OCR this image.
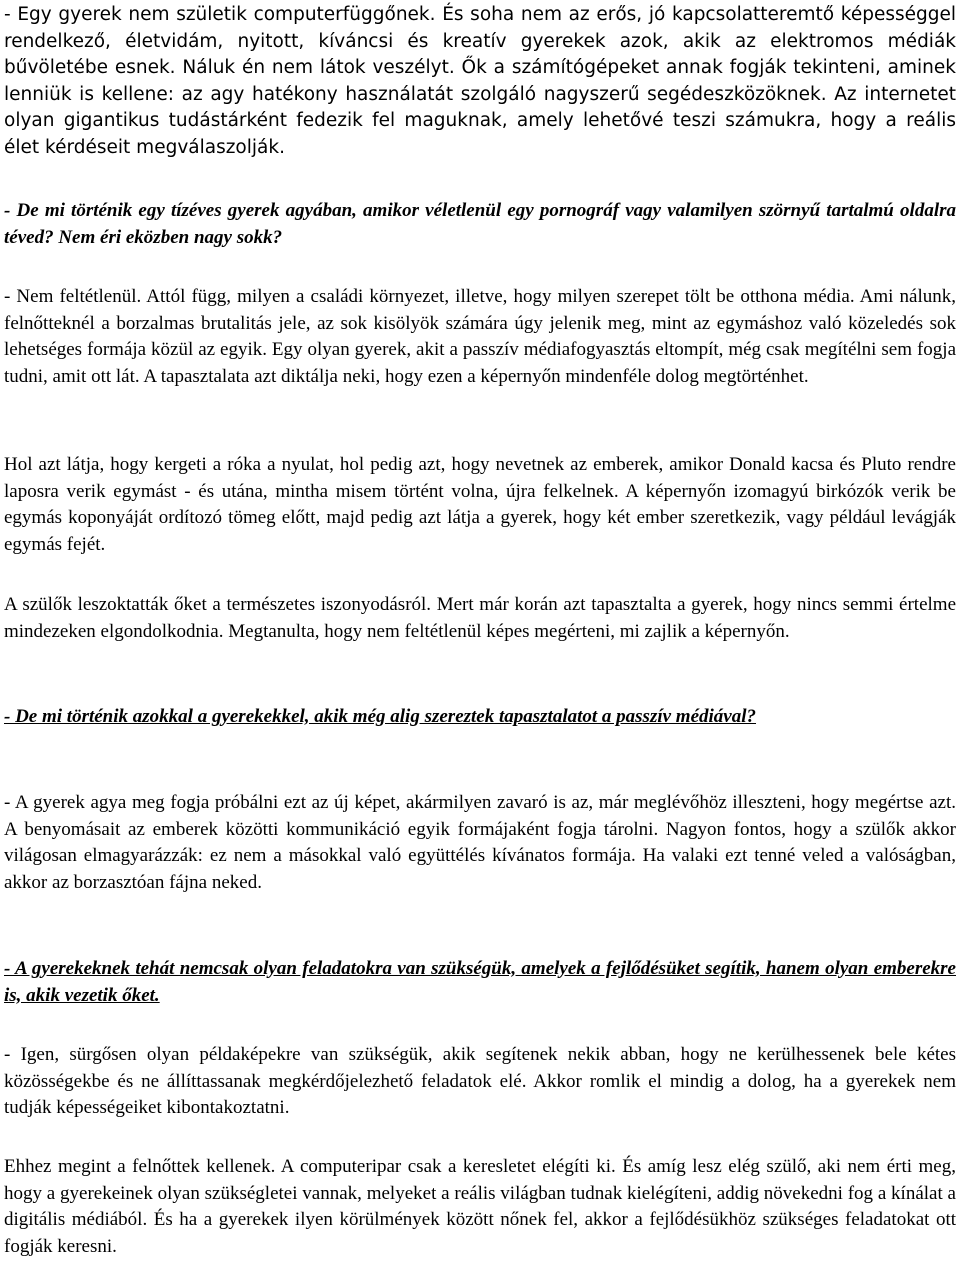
- Egy gyerek nem születik computerfüggőnek. És soha nem az erős, jó kapcsolatteremtő képességgel rendelkező, életvidám, nyitott, kíváncsi és kreatív gyerekek azok, akik az elektromos médiák bűvöletébe esnek. Náluk én nem látok veszélyt. Ők a számítógépeket annak fogják tekinteni, aminek lenniük is kellene: az agy hatékony használatát szolgáló nagyszerű segédeszközöknek. Az internetet olyan gigantikus tudástárként fedezik fel maguknak, amely lehetővé teszi számukra, hogy a reális élet kérdéseit megválaszolják.

- De mi történik egy tízéves gyerek agyában, amikor véletlenül egy pornográf vagy valamilyen szörnyű tartalmú oldalra téved? Nem éri eközben nagy sokk?

- Nem feltétlenül. Attól függ, milyen a családi környezet, illetve, hogy milyen szerepet tölt be otthona média. Ami nálunk, felnőtteknél a borzalmas brutalitás jele, az sok kisölyök számára úgy jelenik meg, mint az egymáshoz való közeledés sok lehetséges formája közül az egyik. Egy olyan gyerek, akit a passzív médiafogyasztás eltompít, még csak megítélni sem fogja tudni, amit ott lát. A tapasztalata azt diktálja neki, hogy ezen a képernyőn mindenféle dolog megtörténhet.

Hol azt látja, hogy kergeti a róka a nyulat, hol pedig azt, hogy nevetnek az emberek, amikor Donald kacsa és Pluto rendre laposra verik egymást - és utána, mintha misem történt volna, újra felkelnek. A képernyőn izomagyú birkózók verik be egymás koponyáját ordítozó tömeg előtt, majd pedig azt látja a gyerek, hogy két ember szeretkezik, vagy például levágják egymás fejét.

A szülők leszoktatták őket a természetes iszonyodásról. Mert már korán azt tapasztalta a gyerek, hogy nincs semmi értelme mindezeken elgondolkodnia. Megtanulta, hogy nem feltétlenül képes megérteni, mi zajlik a képernyőn.

- De mi történik azokkal a gyerekekkel, akik még alig szereztek tapasztalatot a passzív médiával?

- A gyerek agya meg fogja próbálni ezt az új képet, akármilyen zavaró is az, már meglévőhöz illeszteni, hogy megértse azt. A benyomásait az emberek közötti kommunikáció egyik formájaként fogja tárolni. Nagyon fontos, hogy a szülők akkor világosan elmagyarázzák: ez nem a másokkal való együttélés kívánatos formája. Ha valaki ezt tenné veled a valóságban, akkor az borzasztóan fájna neked.

- A gyerekeknek tehát nemcsak olyan feladatokra van szükségük, amelyek a fejlődésüket segítik, hanem olyan emberekre is, akik vezetik őket.

- Igen, sürgősen olyan példaképekre van szükségük, akik segítenek nekik abban, hogy ne kerülhessenek bele kétes közösségekbe és ne állíttassanak megkérdőjelezhető feladatok elé. Akkor romlik el mindig a dolog, ha a gyerekek nem tudják képességeiket kibontakoztatni.

Ehhez megint a felnőttek kellenek. A computeripar csak a keresletet elégíti ki. És amíg lesz elég szülő, aki nem érti meg, hogy a gyerekeinek olyan szükségletei vannak, melyeket a reális világban tudnak kielégíteni, addig növekedni fog a kínálat a digitális médiából. És ha a gyerekek ilyen körülmények között nőnek fel, akkor a fejlődésükhöz szükséges feladatokat ott fogják keresni.
